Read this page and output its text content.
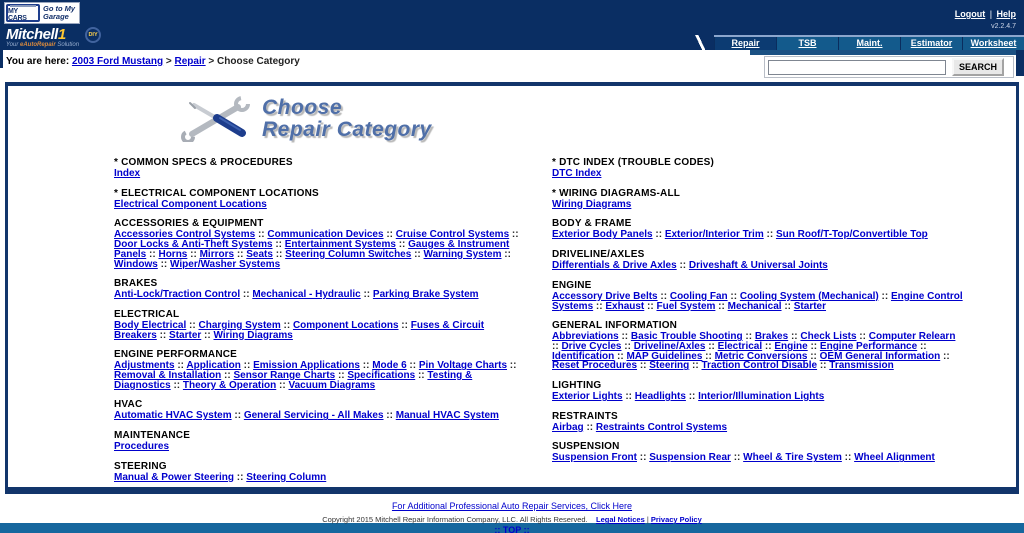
MY CARS
Go to My
Garage	Logout | Help
v2.2.4.7
Mitchell1
Your eAutoRepair Solution
DIY
Repair	TSB	Maint.	Estimator	Worksheet
You are here: 2003 Ford Mustang > Repair > Choose Category	SEARCH
Choose
Repair Category
* COMMON SPECS & PROCEDURES
Index
* ELECTRICAL COMPONENT LOCATIONS
Electrical Component Locations
ACCESSORIES & EQUIPMENT
Accessories Control Systems :: Communication Devices :: Cruise Control Systems :: Door Locks & Anti-Theft Systems :: Entertainment Systems :: Gauges & Instrument Panels :: Horns :: Mirrors :: Seats :: Steering Column Switches :: Warning System :: Windows :: Wiper/Washer Systems
BRAKES
Anti-Lock/Traction Control :: Mechanical - Hydraulic :: Parking Brake System
ELECTRICAL
Body Electrical :: Charging System :: Component Locations :: Fuses & Circuit Breakers :: Starter :: Wiring Diagrams
ENGINE PERFORMANCE
Adjustments :: Application :: Emission Applications :: Mode 6 :: Pin Voltage Charts :: Removal & Installation :: Sensor Range Charts :: Specifications :: Testing & Diagnostics :: Theory & Operation :: Vacuum Diagrams
HVAC
Automatic HVAC System :: General Servicing - All Makes :: Manual HVAC System
MAINTENANCE
Procedures
STEERING
Manual & Power Steering :: Steering Column
* DTC INDEX (TROUBLE CODES)
DTC Index
* WIRING DIAGRAMS-ALL
Wiring Diagrams
BODY & FRAME
Exterior Body Panels :: Exterior/Interior Trim :: Sun Roof/T-Top/Convertible Top
DRIVELINE/AXLES
Differentials & Drive Axles :: Driveshaft & Universal Joints
ENGINE
Accessory Drive Belts :: Cooling Fan :: Cooling System (Mechanical) :: Engine Control Systems :: Exhaust :: Fuel System :: Mechanical :: Starter
GENERAL INFORMATION
Abbreviations :: Basic Trouble Shooting :: Brakes :: Check Lists :: Computer Relearn :: Drive Cycles :: Driveline/Axles :: Electrical :: Engine :: Engine Performance :: Identification :: MAP Guidelines :: Metric Conversions :: OEM General Information :: Reset Procedures :: Steering :: Traction Control Disable :: Transmission
LIGHTING
Exterior Lights :: Headlights :: Interior/Illumination Lights
RESTRAINTS
Airbag :: Restraints Control Systems
SUSPENSION
Suspension Front :: Suspension Rear :: Wheel & Tire System :: Wheel Alignment
For Additional Professional Auto Repair Services, Click Here
Copyright 2015 Mitchell Repair Information Company, LLC. All Rights Reserved. Legal Notices | Privacy Policy
:: TOP ::
